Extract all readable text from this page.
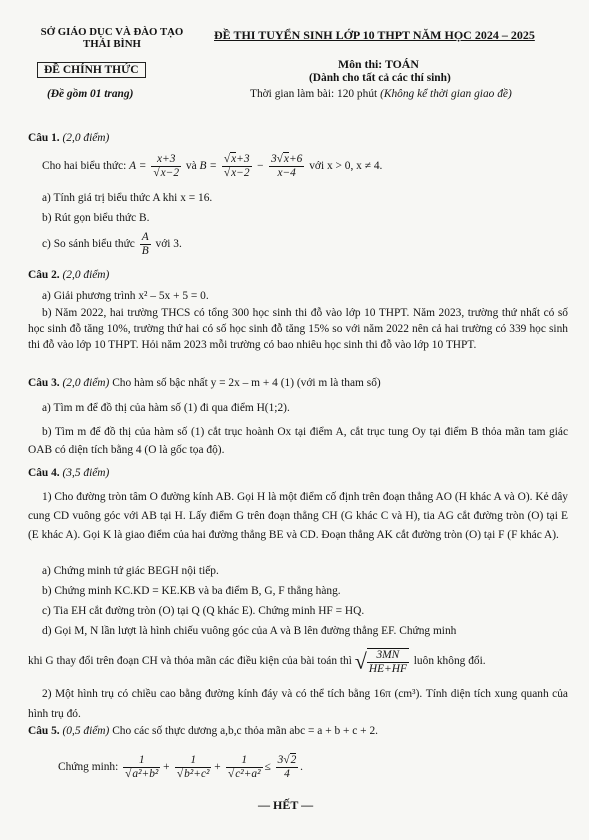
SỞ GIÁO DỤC VÀ ĐÀO TẠO
THÁI BÌNH
ĐỀ CHÍNH THỨC
(Đề gồm 01 trang)
ĐỀ THI TUYỂN SINH LỚP 10 THPT NĂM HỌC 2024 – 2025
Môn thi: TOÁN
(Dành cho tất cả các thí sinh)
Thời gian làm bài: 120 phút (Không kể thời gian giao đề)
Câu 1. (2,0 điểm)
Cho hai biểu thức: $A = \frac{x+3}{√x-2}$ và $B = \frac{√x+3}{√x-2} - \frac{3√x+6}{x-4}$ với x > 0, x ≠ 4.
a) Tính giá trị biểu thức A khi x = 16.
b) Rút gọn biểu thức B.
c) So sánh biểu thức $\frac{A}{B}$ với 3.
Câu 2. (2,0 điểm)
a) Giải phương trình x² – 5x + 5 = 0.
b) Năm 2022, hai trường THCS có tổng 300 học sinh thi đỗ vào lớp 10 THPT. Năm 2023, trường thứ nhất có số học sinh đỗ tăng 10%, trường thứ hai có số học sinh đỗ tăng 15% so với năm 2022 nên cả hai trường có 339 học sinh thi đỗ vào lớp 10 THPT. Hỏi năm 2023 mỗi trường có bao nhiêu học sinh thi đỗ vào lớp 10 THPT.
Câu 3. (2,0 điểm) Cho hàm số bậc nhất y = 2x – m + 4 (1) (với m là tham số)
a) Tìm m để đồ thị của hàm số (1) đi qua điểm H(1;2).
b) Tìm m để đồ thị của hàm số (1) cắt trục hoành Ox tại điểm A, cắt trục tung Oy tại điểm B thỏa mãn tam giác OAB có diện tích bằng 4 (O là gốc tọa độ).
Câu 4. (3,5 điểm)
1) Cho đường tròn tâm O đường kính AB. Gọi H là một điểm cố định trên đoạn thẳng AO (H khác A và O). Kẻ dây cung CD vuông góc với AB tại H. Lấy điểm G trên đoạn thẳng CH (G khác C và H), tia AG cắt đường tròn (O) tại E (E khác A). Gọi K là giao điểm của hai đường thẳng BE và CD. Đoạn thẳng AK cắt đường tròn (O) tại F (F khác A).
a) Chứng minh tứ giác BEGH nội tiếp.
b) Chứng minh KC.KD = KE.KB và ba điểm B, G, F thẳng hàng.
c) Tia EH cắt đường tròn (O) tại Q (Q khác E). Chứng minh HF = HQ.
d) Gọi M, N lần lượt là hình chiếu vuông góc của A và B lên đường thẳng EF. Chứng minh
khi G thay đổi trên đoạn CH và thỏa mãn các điều kiện của bài toán thì √ $\frac{3MN}{HE+HF}$ luôn không đổi.
2) Một hình trụ có chiều cao bằng đường kính đáy và có thể tích bằng 16π (cm³). Tính diện tích xung quanh của hình trụ đó.
Câu 5. (0,5 điểm) Cho các số thực dương a,b,c thỏa mãn abc = a + b + c + 2.
Chứng minh: $\frac{1}{\text{√a²+b²}} + \frac{1}{\text{√b²+c²}} + \frac{1}{\text{√c²+a²}} \le \frac{3√2}{4}$ .
— HẾT —
